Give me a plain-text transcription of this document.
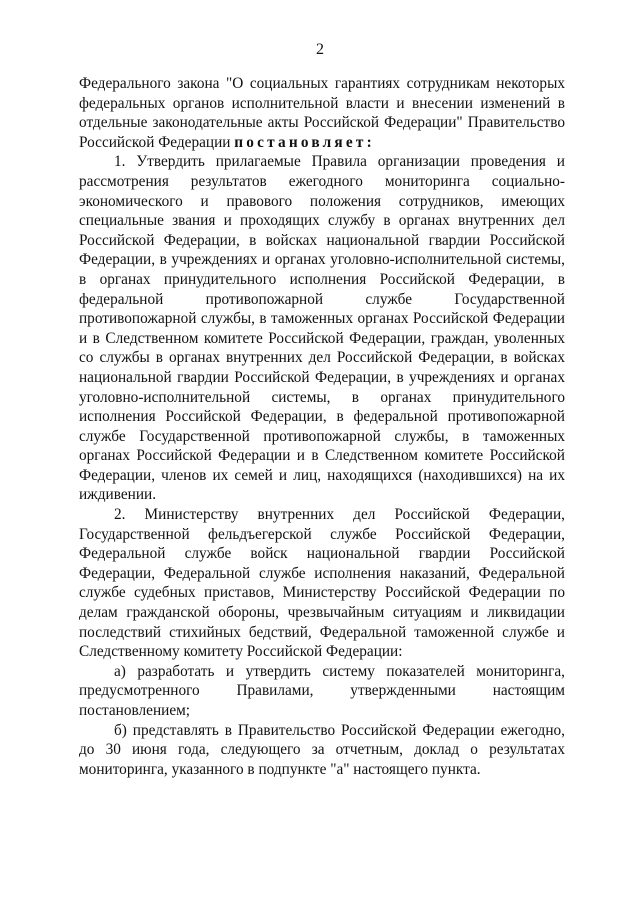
2

Федерального закона "О социальных гарантиях сотрудникам некоторых федеральных органов исполнительной власти и внесении изменений в отдельные законодательные акты Российской Федерации" Правительство Российской Федерации постановляет:

1. Утвердить прилагаемые Правила организации проведения и рассмотрения результатов ежегодного мониторинга социально-экономического и правового положения сотрудников, имеющих специальные звания и проходящих службу в органах внутренних дел Российской Федерации, в войсках национальной гвардии Российской Федерации, в учреждениях и органах уголовно-исполнительной системы, в органах принудительного исполнения Российской Федерации, в федеральной противопожарной службе Государственной противопожарной службы, в таможенных органах Российской Федерации и в Следственном комитете Российской Федерации, граждан, уволенных со службы в органах внутренних дел Российской Федерации, в войсках национальной гвардии Российской Федерации, в учреждениях и органах уголовно-исполнительной системы, в органах принудительного исполнения Российской Федерации, в федеральной противопожарной службе Государственной противопожарной службы, в таможенных органах Российской Федерации и в Следственном комитете Российской Федерации, членов их семей и лиц, находящихся (находившихся) на их иждивении.

2. Министерству внутренних дел Российской Федерации, Государственной фельдъегерской службе Российской Федерации, Федеральной службе войск национальной гвардии Российской Федерации, Федеральной службе исполнения наказаний, Федеральной службе судебных приставов, Министерству Российской Федерации по делам гражданской обороны, чрезвычайным ситуациям и ликвидации последствий стихийных бедствий, Федеральной таможенной службе и Следственному комитету Российской Федерации:

а) разработать и утвердить систему показателей мониторинга, предусмотренного Правилами, утвержденными настоящим постановлением;

б) представлять в Правительство Российской Федерации ежегодно, до 30 июня года, следующего за отчетным, доклад о результатах мониторинга, указанного в подпункте "а" настоящего пункта.
